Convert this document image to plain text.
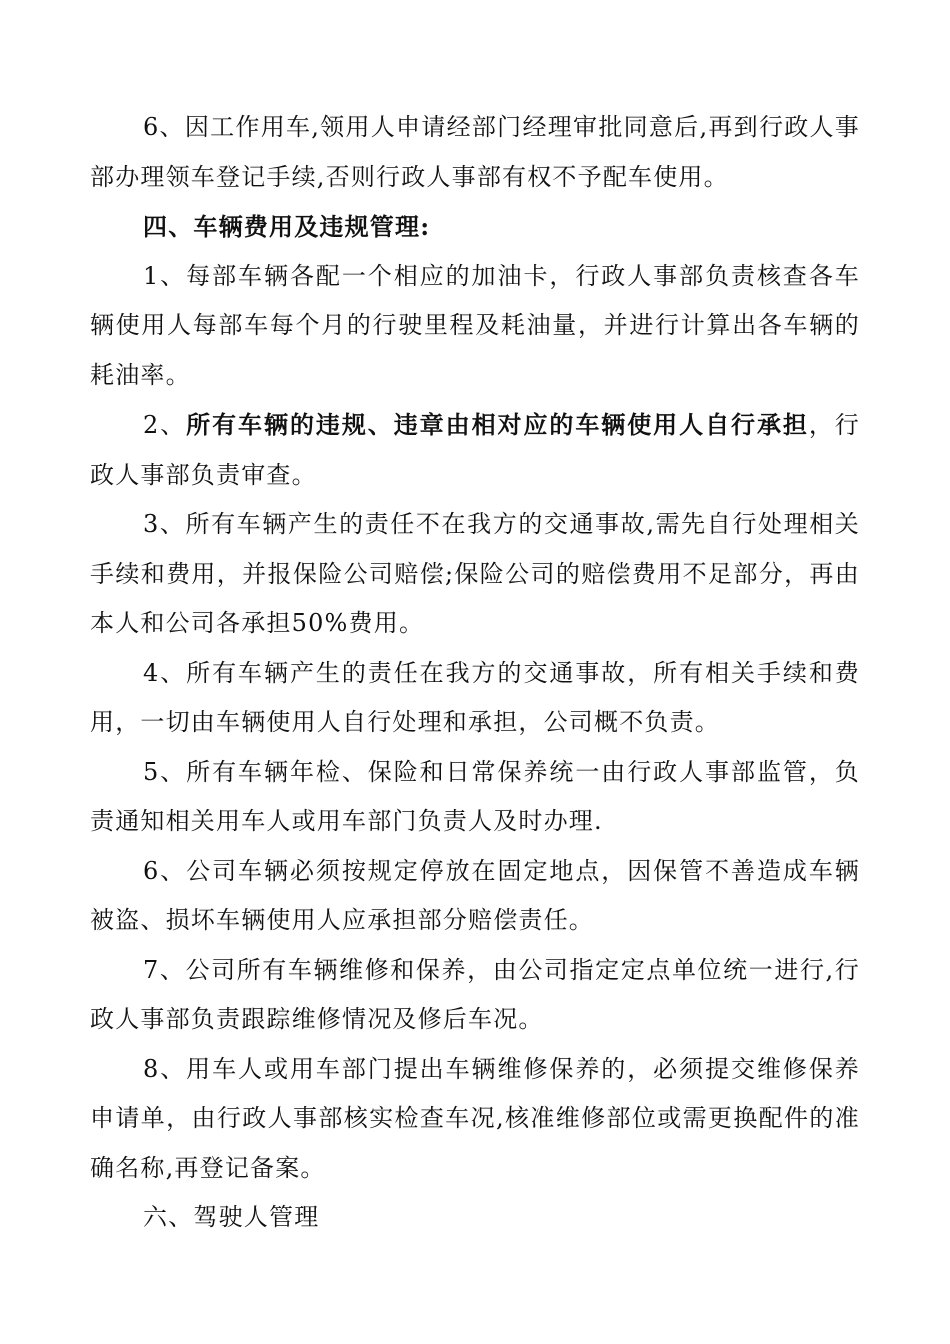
6、因工作用车,领用人申请经部门经理审批同意后,再到行政人事部办理领车登记手续,否则行政人事部有权不予配车使用。

四、车辆费用及违规管理:

1、每部车辆各配一个相应的加油卡，行政人事部负责核查各车辆使用人每部车每个月的行驶里程及耗油量，并进行计算出各车辆的耗油率。

2、所有车辆的违规、违章由相对应的车辆使用人自行承担，行政人事部负责审查。

3、所有车辆产生的责任不在我方的交通事故,需先自行处理相关手续和费用，并报保险公司赔偿;保险公司的赔偿费用不足部分，再由本人和公司各承担50%费用。

4、所有车辆产生的责任在我方的交通事故，所有相关手续和费用，一切由车辆使用人自行处理和承担，公司概不负责。

5、所有车辆年检、保险和日常保养统一由行政人事部监管，负责通知相关用车人或用车部门负责人及时办理.

6、公司车辆必须按规定停放在固定地点，因保管不善造成车辆被盗、损坏车辆使用人应承担部分赔偿责任。

7、公司所有车辆维修和保养，由公司指定定点单位统一进行,行政人事部负责跟踪维修情况及修后车况。

8、用车人或用车部门提出车辆维修保养的，必须提交维修保养申请单，由行政人事部核实检查车况,核准维修部位或需更换配件的准确名称,再登记备案。

六、驾驶人管理
